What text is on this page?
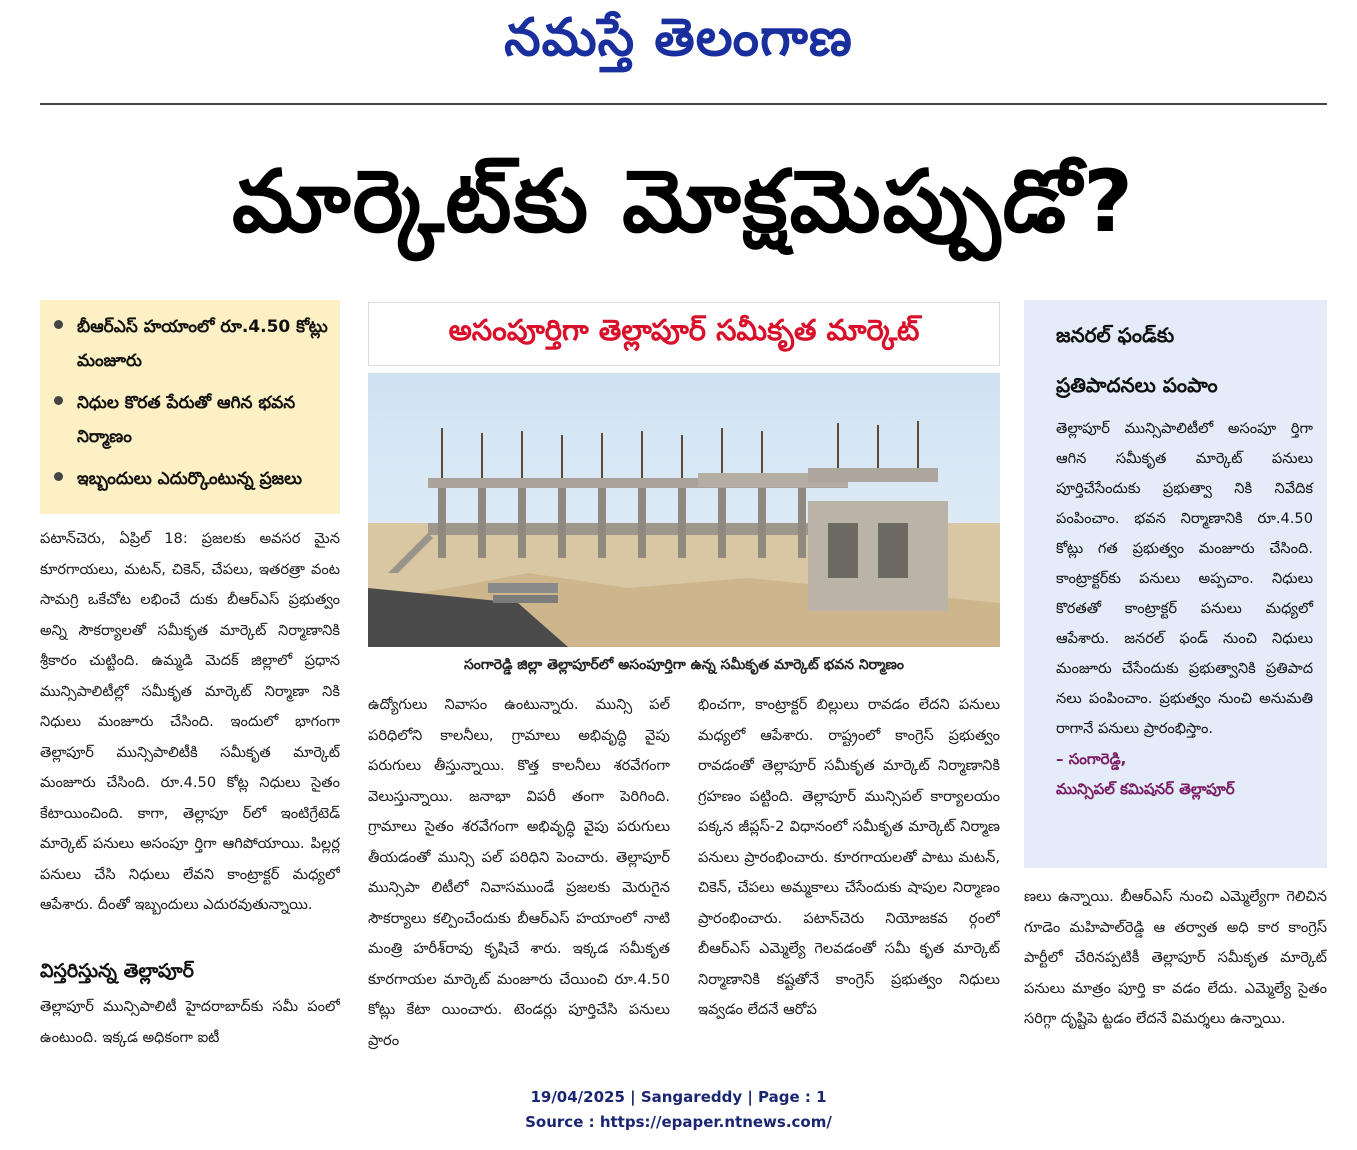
నమస్తే తెలంగాణ
మార్కెట్‌కు మోక్షమెప్పుడో?
బీఆర్‌ఎస్ హయాంలో రూ.4.50 కోట్లు మంజూరు
నిధుల కొరత పేరుతో ఆగిన భవన నిర్మాణం
ఇబ్బందులు ఎదుర్కొంటున్న ప్రజలు

పటాన్‌చెరు, ఏప్రిల్ 18: ప్రజలకు అవసర మైన కూరగాయలు, మటన్, చికెన్, చేపలు, ఇతరత్రా వంట సామగ్రి ఒకేచోట లభించే దుకు బీఆర్‌ఎస్ ప్రభుత్వం అన్ని సౌకర్యాలతో సమీకృత మార్కెట్ నిర్మాణానికి శ్రీకారం చుట్టింది. ఉమ్మడి మెదక్ జిల్లాలో ప్రధాన మున్సిపాలిటీల్లో సమీకృత మార్కెట్ నిర్మాణా నికి నిధులు మంజూరు చేసింది. ఇందులో భాగంగా తెల్లాపూర్ మున్సిపాలిటీకి సమీకృత మార్కెట్ మంజూరు చేసింది. రూ.4.50 కోట్ల నిధులు సైతం కేటాయించింది. కాగా, తెల్లాపూ ర్‌లో ఇంటిగ్రేటెడ్ మార్కెట్ పనులు అసంపూ ర్తిగా ఆగిపోయాయి. పిల్లర్ల పనులు చేసి నిధులు లేవని కాంట్రాక్టర్ మధ్యలో ఆపేశారు. దీంతో ఇబ్బందులు ఎదురవుతున్నాయి.

విస్తరిస్తున్న తెల్లాపూర్

తెల్లాపూర్ మున్సిపాలిటీ హైదరాబాద్‌కు సమీ పంలో ఉంటుంది. ఇక్కడ అధికంగా ఐటీ

అసంపూర్తిగా తెల్లాపూర్ సమీకృత మార్కెట్
సంగారెడ్డి జిల్లా తెల్లాపూర్‌లో అసంపూర్తిగా ఉన్న సమీకృత మార్కెట్ భవన నిర్మాణం

ఉద్యోగులు నివాసం ఉంటున్నారు. మున్సి పల్ పరిధిలోని కాలనీలు, గ్రామాలు అభివృద్ధి వైపు పరుగులు తీస్తున్నాయి. కొత్త కాలనీలు శరవేగంగా వెలుస్తున్నాయి. జనాభా విపరీ తంగా పెరిగింది. గ్రామాలు సైతం శరవేగంగా అభివృద్ధి వైపు పరుగులు తీయడంతో మున్సి పల్ పరిధిని పెంచారు. తెల్లాపూర్ మున్సిపా లిటీలో నివాసముండే ప్రజలకు మెరుగైన సౌకర్యాలు కల్పించేందుకు బీఆర్‌ఎస్ హయాంలో నాటి మంత్రి హరీశ్‌రావు కృషిచే శారు. ఇక్కడ సమీకృత కూరగాయల మార్కెట్ మంజూరు చేయించి రూ.4.50 కోట్లు కేటా యించారు. టెండర్లు పూర్తిచేసి పనులు ప్రారం

భించగా, కాంట్రాక్టర్ బిల్లులు రావడం లేదని పనులు మధ్యలో ఆపేశారు. రాష్ట్రంలో కాంగ్రెస్ ప్రభుత్వం రావడంతో తెల్లాపూర్ సమీకృత మార్కెట్ నిర్మాణానికి గ్రహణం పట్టింది. తెల్లాపూర్ మున్సిపల్ కార్యాలయం పక్కన జీప్లస్-2 విధానంలో సమీకృత మార్కెట్ నిర్మాణ పనులు ప్రారంభించారు. కూరగాయలతో పాటు మటన్, చికెన్, చేపలు అమ్మకాలు చేసేందుకు షాపుల నిర్మాణం ప్రారంభించారు. పటాన్‌చెరు నియోజకవ ర్గంలో బీఆర్‌ఎస్ ఎమ్మెల్యే గెలవడంతో సమీ కృత మార్కెట్ నిర్మాణానికి కష్టతోనే కాంగ్రెస్ ప్రభుత్వం నిధులు ఇవ్వడం లేదనే ఆరోప

జనరల్ ఫండ్‌కు
ప్రతిపాదనలు పంపాం
తెల్లాపూర్ మున్సిపాలిటీలో అసంపూ ర్తిగా ఆగిన సమీకృత మార్కెట్ పనులు పూర్తిచేసేందుకు ప్రభుత్వా నికి నివేదిక పంపించాం. భవన నిర్మాణానికి రూ.4.50 కోట్లు గత ప్రభుత్వం మంజూరు చేసింది. కాంట్రాక్టర్‌కు పనులు అప్పచాం. నిధులు కొరతతో కాంట్రాక్టర్ పనులు మధ్యలో ఆపేశారు. జనరల్ ఫండ్ నుంచి నిధులు మంజూరు చేసేందుకు ప్రభుత్వానికి ప్రతిపాద నలు పంపించాం. ప్రభుత్వం నుంచి అనుమతి రాగానే పనులు ప్రారంభిస్తాం.
– సంగారెడ్డి,
మున్సిపల్ కమిషనర్ తెల్లాపూర్

ణలు ఉన్నాయి. బీఆర్‌ఎస్ నుంచి ఎమ్మెల్యేగా గెలిచిన గూడెం మహిపాల్‌రెడ్డి ఆ తర్వాత అధి కార కాంగ్రెస్ పార్టీలో చేరినప్పటికీ తెల్లాపూర్ సమీకృత మార్కెట్ పనులు మాత్రం పూర్తి కా వడం లేదు. ఎమ్మెల్యే సైతం సరిగ్గా దృష్టిపె ట్టడం లేదనే విమర్శలు ఉన్నాయి.

19/04/2025 | Sangareddy | Page : 1
Source : https://epaper.ntnews.com/
